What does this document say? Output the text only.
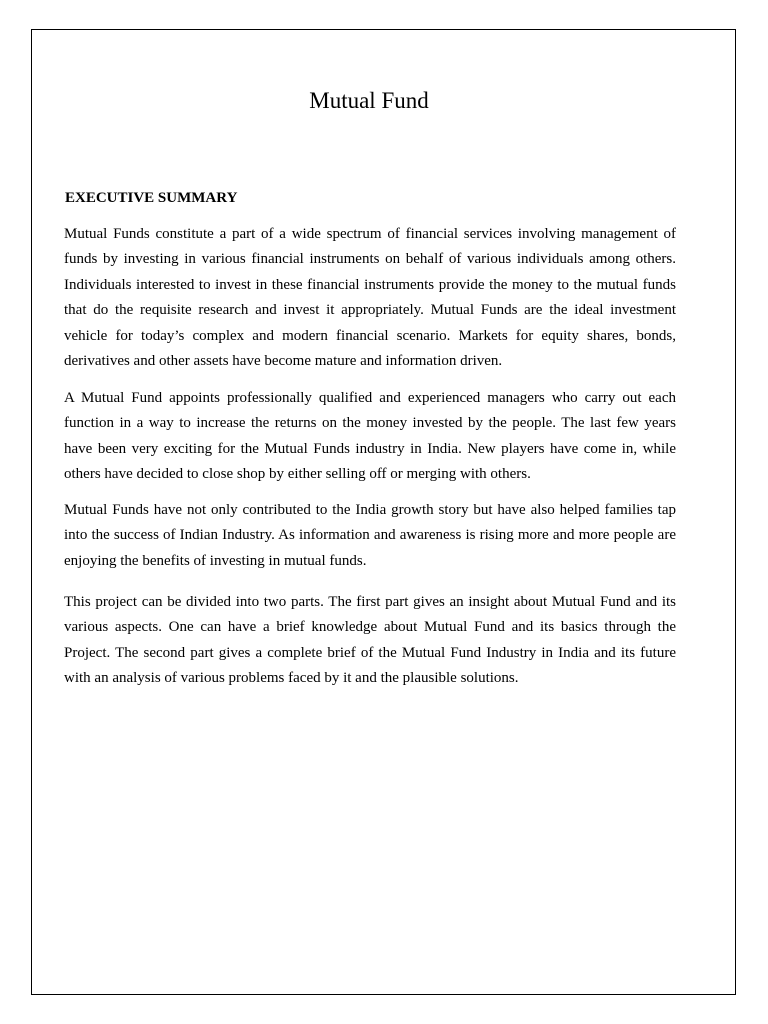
Mutual Fund
EXECUTIVE SUMMARY

Mutual Funds constitute a part of a wide spectrum of financial services involving management of funds by investing in various financial instruments on behalf of various individuals among others. Individuals interested to invest in these financial instruments provide the money to the mutual funds that do the requisite research and invest it appropriately. Mutual Funds are the ideal investment vehicle for today’s complex and modern financial scenario. Markets for equity shares, bonds, derivatives and other assets have become mature and information driven.

A Mutual Fund appoints professionally qualified and experienced managers who carry out each function in a way to increase the returns on the money invested by the people. The last few years have been very exciting for the Mutual Funds industry in India. New players have come in, while others have decided to close shop by either selling off or merging with others.

Mutual Funds have not only contributed to the India growth story but have also helped families tap into the success of Indian Industry. As information and awareness is rising more and more people are enjoying the benefits of investing in mutual funds.

This project can be divided into two parts. The first part gives an insight about Mutual Fund and its various aspects. One can have a brief knowledge about Mutual Fund and its basics through the Project. The second part gives a complete brief of the Mutual Fund Industry in India and its future with an analysis of various problems faced by it and the plausible solutions.
